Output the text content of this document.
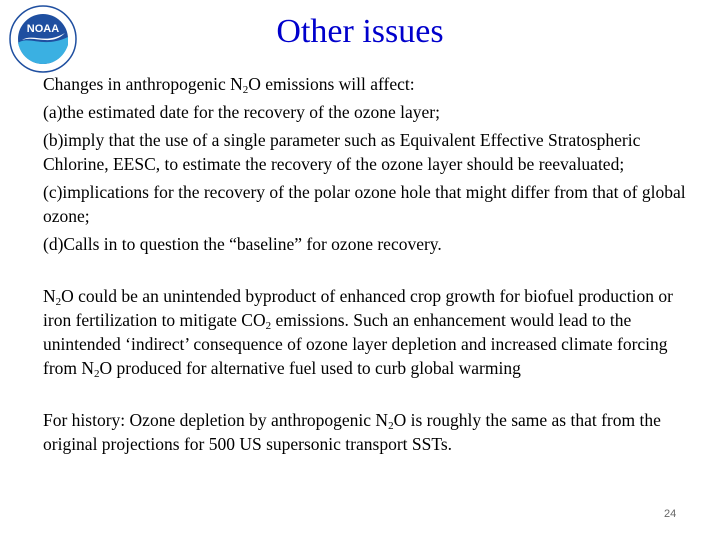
NOAA	Other issues

Changes in anthropogenic $N_2O$ emissions will affect:

(a)the estimated date for the recovery of the ozone layer;

(b)imply that the use of a single parameter such as Equivalent Effective Stratospheric Chlorine, EESC, to estimate the recovery of the ozone layer should be reevaluated;

(c)implications for the recovery of the polar ozone hole that might differ from that of global ozone;

(d)Calls in to question the “baseline” for ozone recovery.

$N_2O$ could be an unintended byproduct of enhanced crop growth for biofuel production or iron fertilization to mitigate $CO_2$ emissions. Such an enhancement would lead to the unintended ‘indirect’ consequence of ozone layer depletion and increased climate forcing from $N_2O$ produced for alternative fuel used to curb global warming

For history: Ozone depletion by anthropogenic $N_2O$ is roughly the same as that from the original projections for 500 US supersonic transport SSTs.

24
